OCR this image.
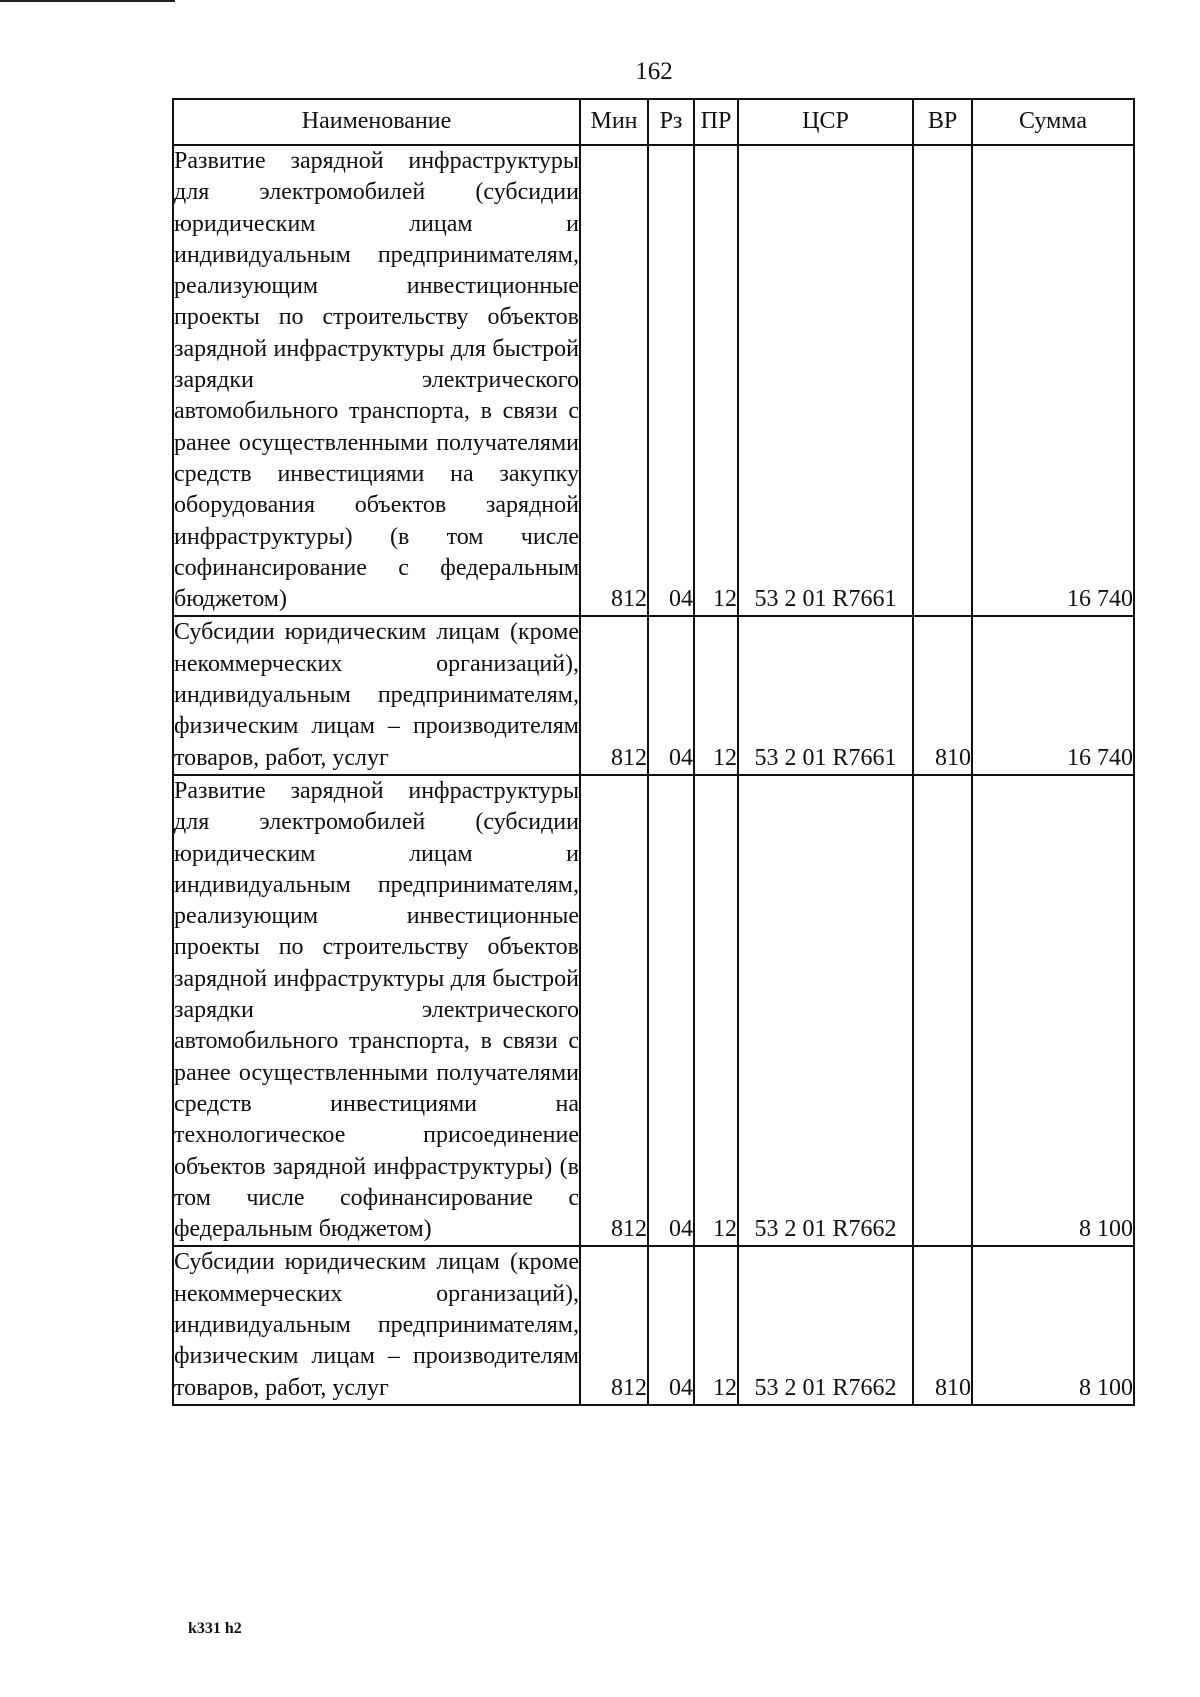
162
Наименование	Мин	Рз	ПР	ЦСР	ВР	Сумма
Развитие зарядной инфраструктуры для электромобилей (субсидии юридическим лицам и индивидуальным предпринимателям, реализующим инвестиционные проекты по строительству объектов зарядной инфраструктуры для быстрой зарядки электрического автомобильного транспорта, в связи с ранее осуществленными получателями средств инвестициями на закупку оборудования объектов зарядной инфраструктуры) (в том числе софинансирование с федеральным бюджетом)	812	04	12	53 2 01 R7661		16 740
Субсидии юридическим лицам (кроме некоммерческих организаций), индивидуальным предпринимателям, физическим лицам – производителям товаров, работ, услуг	812	04	12	53 2 01 R7661	810	16 740
Развитие зарядной инфраструктуры для электромобилей (субсидии юридическим лицам и индивидуальным предпринимателям, реализующим инвестиционные проекты по строительству объектов зарядной инфраструктуры для быстрой зарядки электрического автомобильного транспорта, в связи с ранее осуществленными получателями средств инвестициями на технологическое присоединение объектов зарядной инфраструктуры) (в том числе софинансирование с федеральным бюджетом)	812	04	12	53 2 01 R7662		8 100
Субсидии юридическим лицам (кроме некоммерческих организаций), индивидуальным предпринимателям, физическим лицам – производителям товаров, работ, услуг	812	04	12	53 2 01 R7662	810	8 100
k331 h2
